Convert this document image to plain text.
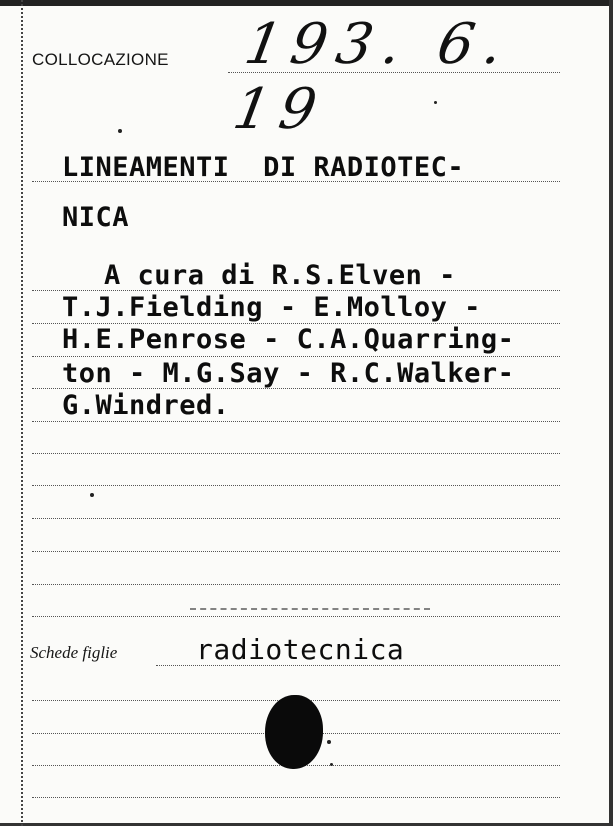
COLLOCAZIONE 193. 6. 19
LINEAMENTI  DI RADIOTEC-
NICA
A cura di R.S.Elven -
T.J.Fielding - E.Molloy -
H.E.Penrose - C.A.Quarring-
ton - M.G.Say - R.C.Walker-
G.Windred.
Schede figlie	radiotecnica
